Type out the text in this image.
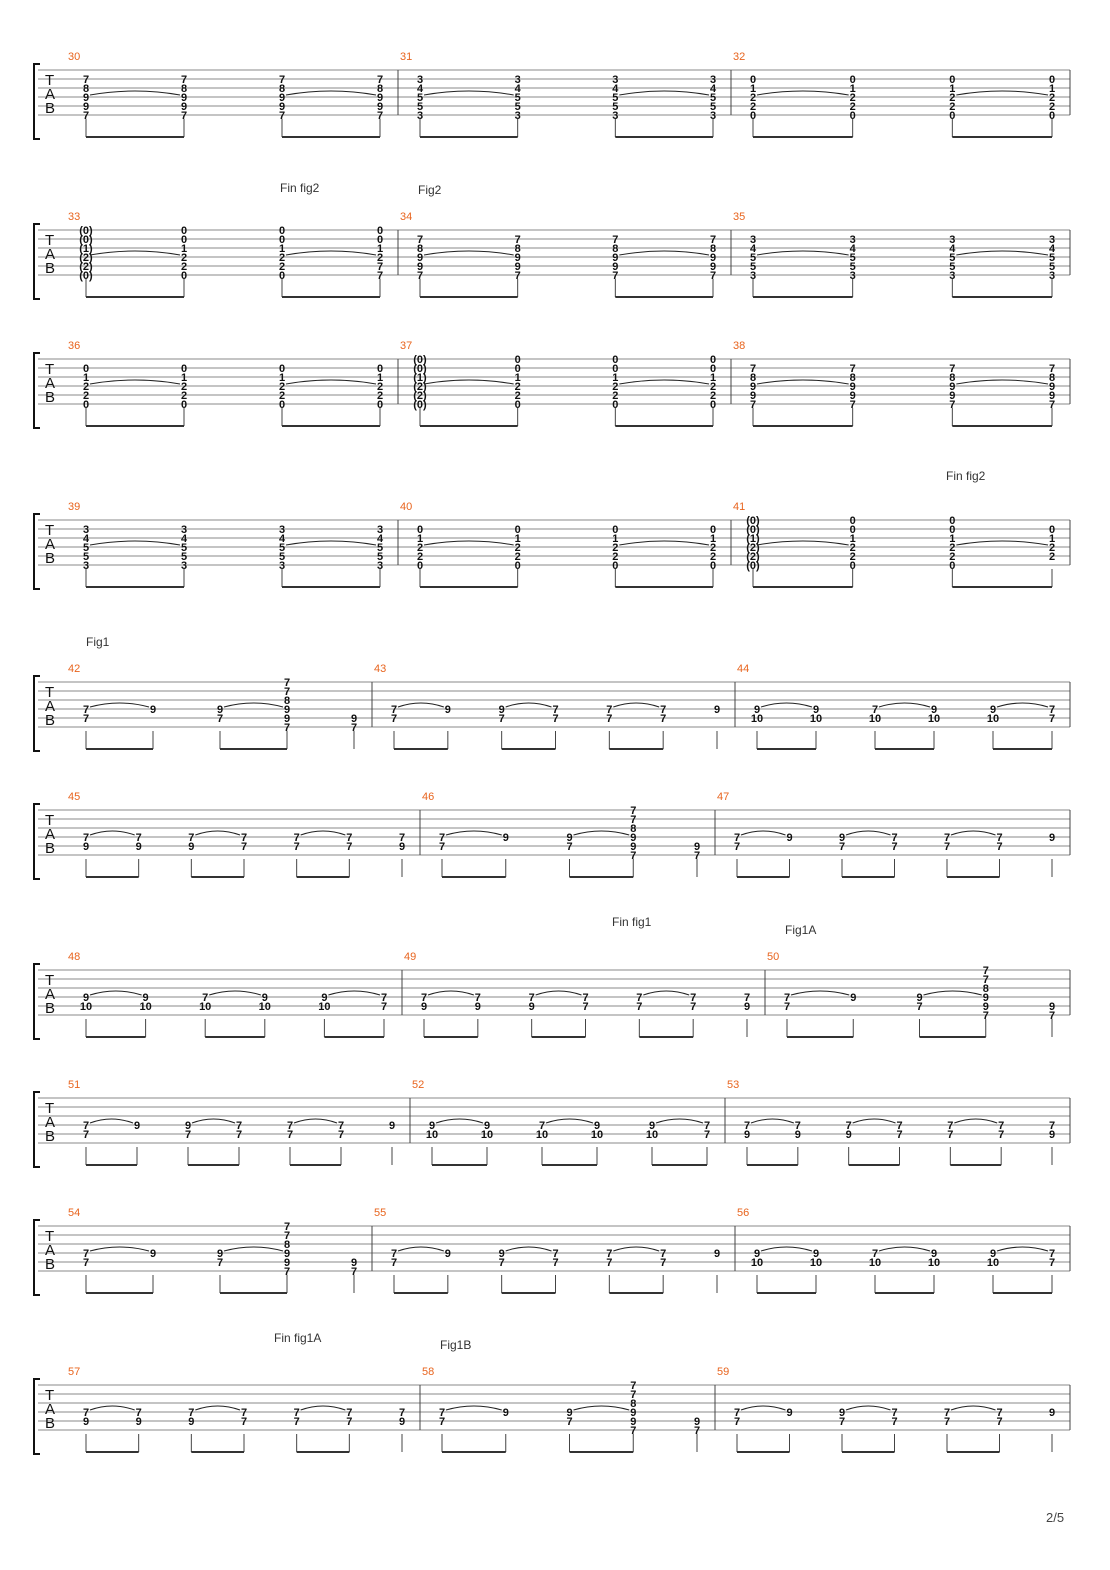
T
A
B
30
7
8
9
9
7
7
8
9
9
7
7
8
9
9
7
7
8
9
9
7
31
3
4
5
5
3
3
4
5
5
3
3
4
5
5
3
3
4
5
5
3
32
0
1
2
2
0
0
1
2
2
0
0
1
2
2
0
0
1
2
2
0
T
A
B
33
(0)
(0)
(1)
(2)
(2)
(0)
0
0
1
2
2
0
0
0
1
2
2
0
0
0
1
2
7
7
34
Fig2
7
8
9
9
7
7
8
9
9
7
7
8
9
9
7
7
8
9
9
7
35
3
4
5
5
3
3
4
5
5
3
3
4
5
5
3
3
4
5
5
3
T
A
B
36
0
1
2
2
0
0
1
2
2
0
0
1
2
2
0
0
1
2
2
0
37
(0)
(0)
(1)
(2)
(2)
(0)
0
0
1
2
2
0
0
0
1
2
2
0
0
0
1
2
2
0
38
7
8
9
9
7
7
8
9
9
7
7
8
9
9
7
7
8
9
9
7
T
A
B
39
3
4
5
5
3
3
4
5
5
3
3
4
5
5
3
3
4
5
5
3
40
0
1
2
2
0
0
1
2
2
0
0
1
2
2
0
0
1
2
2
0
41
(0)
(0)
(1)
(2)
(2)
(0)
0
0
1
2
2
0
0
0
1
2
2
0
0
1
2
2
T
A
B
42
Fig1
7
7
9	9
7
7
7
8
9
9
7
9
7
43
7
7
9	9
7
7
7
7
7
7
7
9
44
9
10
9
10
7
10
9
10
9
10
7
7
T
A
B
45
7
9
7
9
7
9
7
7
7
7
7
7
7
9
46
7
7
9	9
7
7
7
8
9
9
7
9
7
47
7
7
9	9
7
7
7
7
7
7
7
9
T
A
B
48
9
10
9
10
7
10
9
10
9
10
7
7
49
7
9
7
9
7
9
7
7
7
7
7
7
7
9
50
Fig1A
7
7
9	9
7
7
7
8
9
9
7
9
7
T
A
B
51
7
7
9	9
7
7
7
7
7
7
7
9
52
9
10
9
10
7
10
9
10
9
10
7
7
53
7
9
7
9
7
9
7
7
7
7
7
7
7
9
T
A
B
54
7
7
9	9
7
7
7
8
9
9
7
9
7
55
7
7
9	9
7
7
7
7
7
7
7
9
56
9
10
9
10
7
10
9
10
9
10
7
7
T
A
B
57
7
9
7
9
7
9
7
7
7
7
7
7
7
9
58
Fig1B
7
7
9	9
7
7
7
8
9
9
7
9
7
59
7
7
9	9
7
7
7
7
7
7
7
9
Fin fig2
Fin fig2
Fin fig1
Fin fig1A
2/5
